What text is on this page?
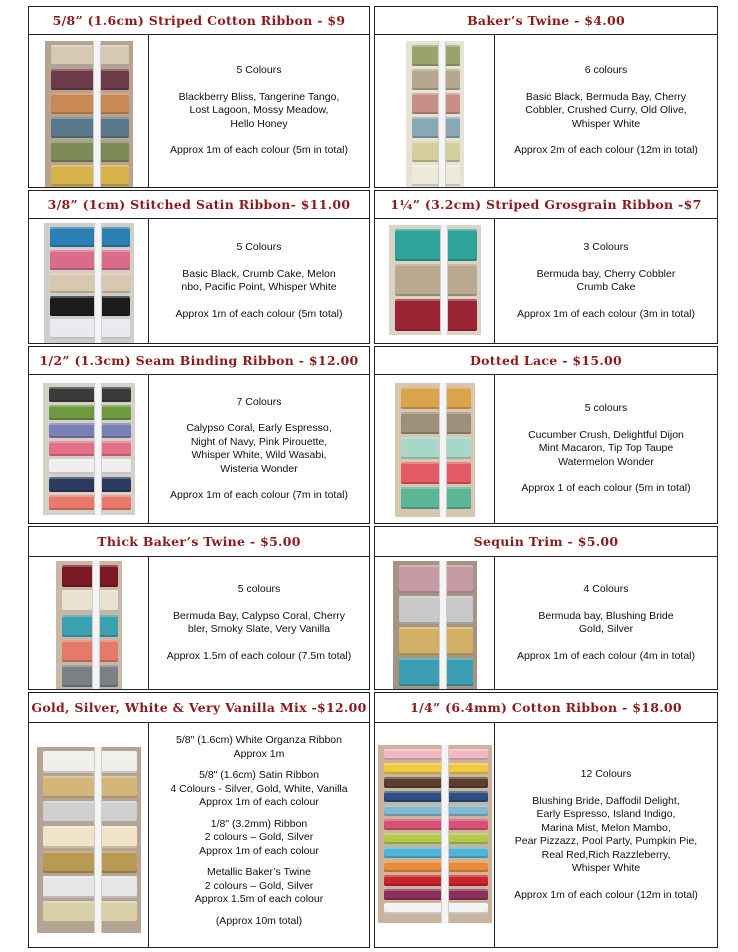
5/8” (1.6cm) Striped Cotton Ribbon - $9

5 Colours

Blackberry Bliss, Tangerine Tango,
Lost Lagoon, Mossy Meadow,
Hello Honey

Approx 1m of each colour (5m in total)

Baker’s Twine - $4.00

6 colours

Basic Black, Bermuda Bay, Cherry
Cobbler, Crushed Curry, Old Olive,
Whisper White

Approx 2m of each colour (12m in total)

3/8” (1cm) Stitched Satin Ribbon- $11.00

5 Colours

Basic Black, Crumb Cake, Melon
nbo, Pacific Point, Whisper White

Approx 1m of each colour (5m total)

1¼” (3.2cm) Striped Grosgrain Ribbon -$7

3 Colours

Bermuda bay, Cherry Cobbler
Crumb Cake

Approx 1m of each colour (3m in total)

1/2” (1.3cm) Seam Binding Ribbon - $12.00

7 Colours

Calypso Coral, Early Espresso,
Night of Navy, Pink Pirouette,
Whisper White, Wild Wasabi,
Wisteria Wonder

Approx 1m of each colour (7m in total)

Dotted Lace - $15.00

5 colours

Cucumber Crush, Delightful Dijon
Mint Macaron, Tip Top Taupe
Watermelon Wonder

Approx 1 of each colour (5m in total)

Thick Baker’s Twine - $5.00

5 colours

Bermuda Bay, Calypso Coral, Cherry
bler, Smoky Slate, Very Vanilla

Approx 1.5m of each colour (7.5m total)

Sequin Trim - $5.00

4 Colours

Bermuda bay, Blushing Bride
Gold, Silver

Approx 1m of each colour (4m in total)

Gold, Silver, White & Very Vanilla Mix -$12.00

5/8" (1.6cm) White Organza Ribbon
Approx 1m

5/8" (1.6cm) Satin Ribbon
4 Colours - Silver, Gold, White, Vanilla
Approx 1m of each colour

1/8" (3.2mm) Ribbon
2 colours – Gold, Silver
Approx 1m of each colour

Metallic Baker’s Twine
2 colours – Gold, Silver
Approx 1.5m of each colour

(Approx 10m total)

1/4” (6.4mm) Cotton Ribbon - $18.00

12 Colours

Blushing Bride, Daffodil Delight,
Early Espresso, Island Indigo,
Marina Mist, Melon Mambo,
Pear Pizzazz, Pool Party, Pumpkin Pie,
Real Red,Rich Razzleberry,
Whisper White

Approx 1m of each colour (12m in total)
